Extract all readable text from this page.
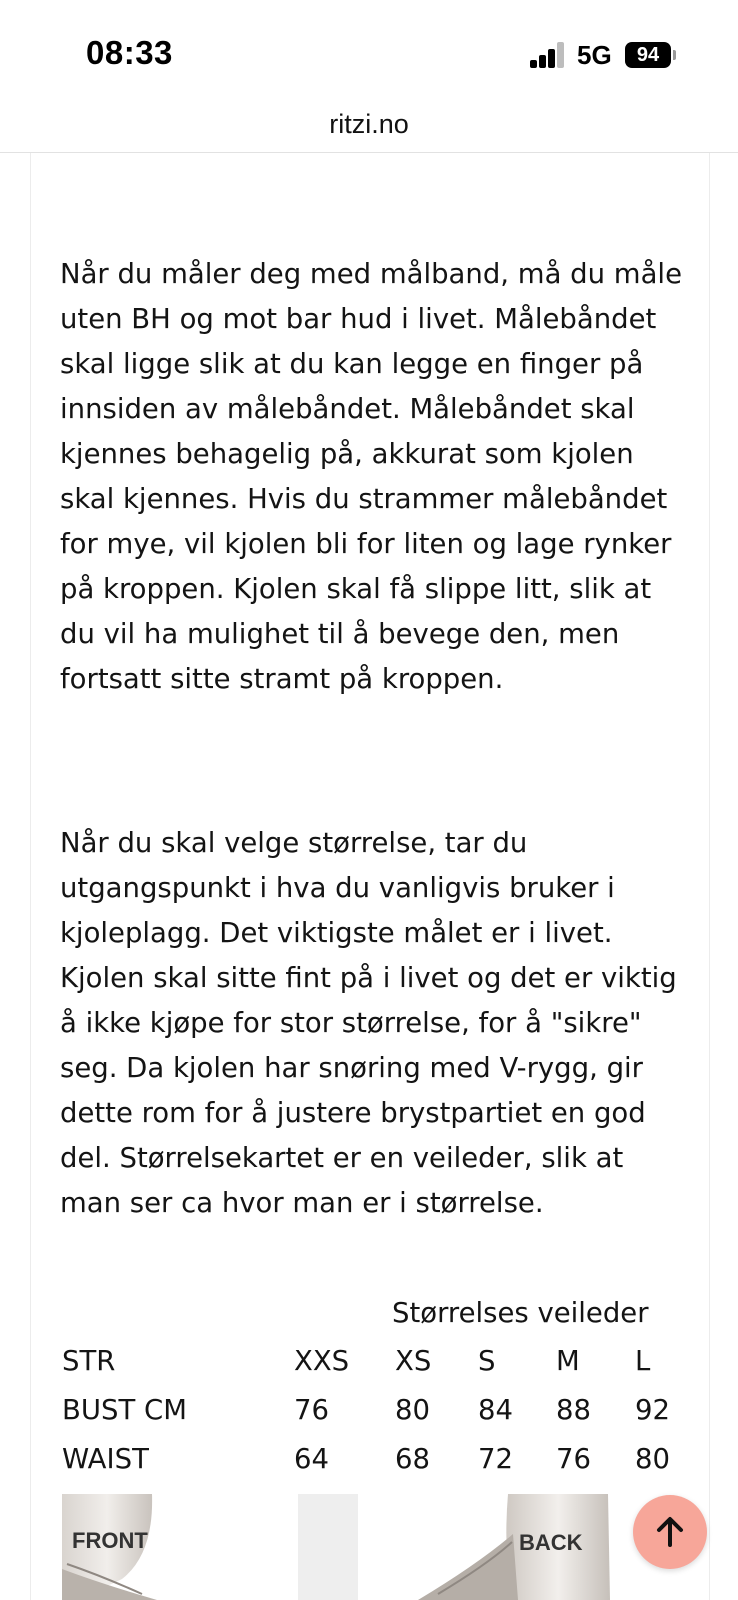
08:33	5G	94
ritzi.no

Når du måler deg med målband, må du måle uten BH og mot bar hud i livet. Målebåndet skal ligge slik at du kan legge en finger på innsiden av målebåndet. Målebåndet skal kjennes behagelig på, akkurat som kjolen skal kjennes. Hvis du strammer målebåndet for mye, vil kjolen bli for liten og lage rynker på kroppen. Kjolen skal få slippe litt, slik at du vil ha mulighet til å bevege den, men fortsatt sitte stramt på kroppen.

Når du skal velge størrelse, tar du utgangspunkt i hva du vanligvis bruker i kjoleplagg. Det viktigste målet er i livet. Kjolen skal sitte fint på i livet og det er viktig å ikke kjøpe for stor størrelse, for å "sikre" seg. Da kjolen har snøring med V-rygg, gir dette rom for å justere brystpartiet en god del. Størrelsekartet er en veileder, slik at man ser ca hvor man er i størrelse.

Størrelses veileder
STR	XXS XS S M L
BUST CM	76 80 84 88 92
WAIST	64 68 72 76 80
FRONT	BACK
